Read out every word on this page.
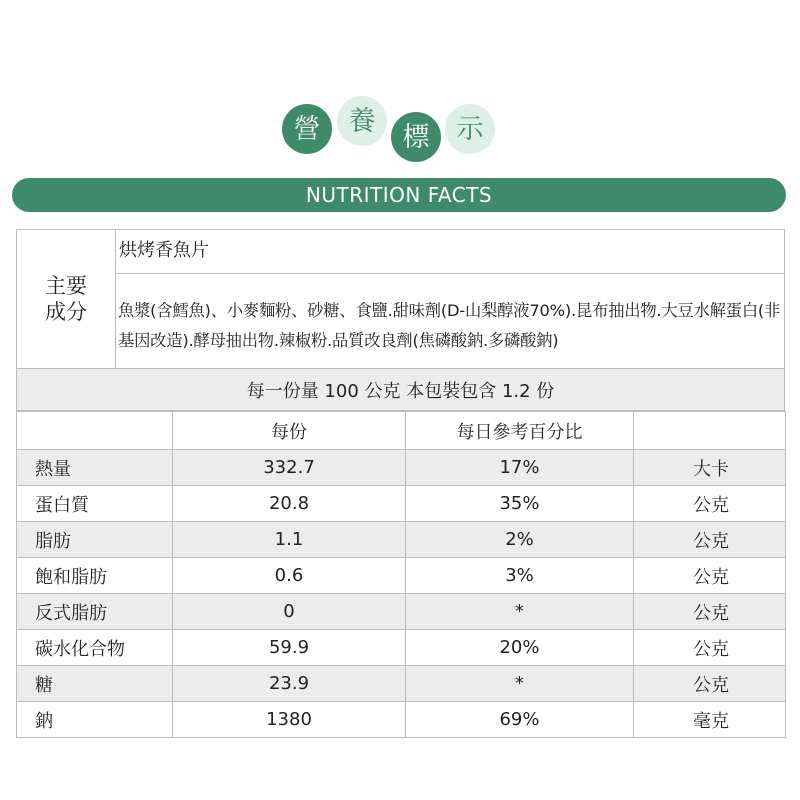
營 養
標 示
NUTRITION FACTS
主要
成分
烘烤香魚片
魚漿(含鱈魚)、小麥麵粉、砂糖、食鹽.甜味劑(D-山梨醇液70%).昆布抽出物.大豆水解蛋白(非基因改造).酵母抽出物.辣椒粉.品質改良劑(焦磷酸鈉.多磷酸鈉)
每一份量 100 公克 本包裝包含 1.2 份
	每份	每日參考百分比	
熱量	332.7	17%	大卡
蛋白質	20.8	35%	公克
脂肪	1.1	2%	公克
飽和脂肪	0.6	3%	公克
反式脂肪	0	*	公克
碳水化合物	59.9	20%	公克
糖	23.9	*	公克
鈉	1380	69%	毫克
